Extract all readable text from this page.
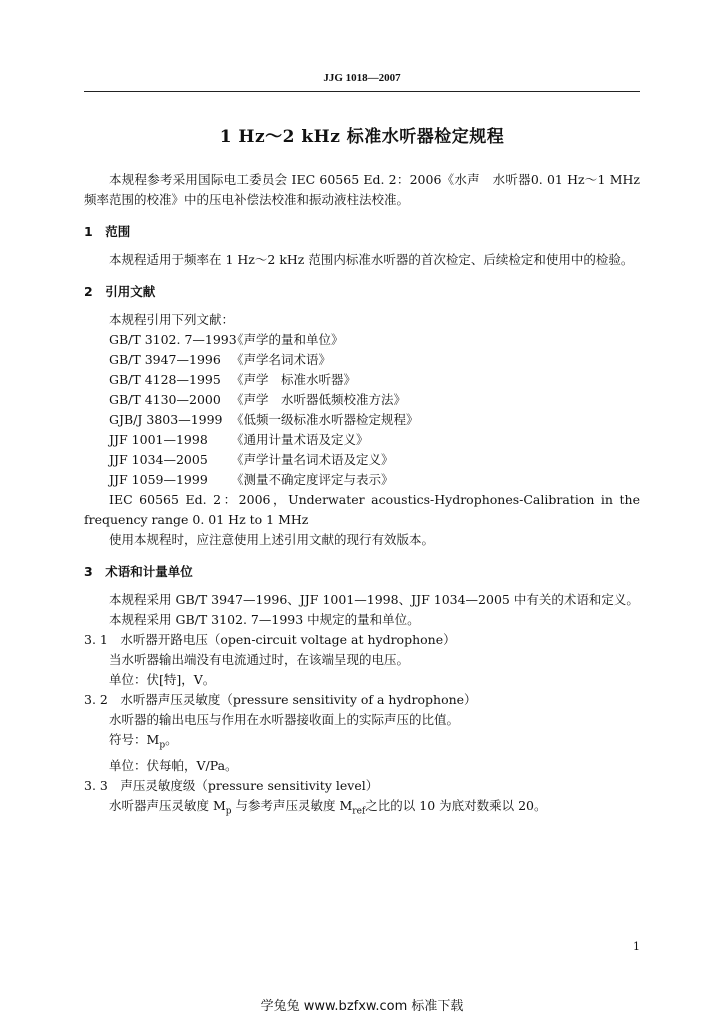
JJG 1018—2007
1 Hz～2 kHz 标准水听器检定规程

本规程参考采用国际电工委员会 IEC 60565 Ed. 2：2006《水声　水听器0. 01 Hz～1 MHz频率范围的校准》中的压电补偿法校准和振动液柱法校准。

1　范围

本规程适用于频率在 1 Hz～2 kHz 范围内标准水听器的首次检定、后续检定和使用中的检验。

2　引用文献

本规程引用下列文献：

GB/T 3102. 7—1993《声学的量和单位》

GB/T 3947—1996 《声学名词术语》

GB/T 4128—1995 《声学　标准水听器》

GB/T 4130—2000 《声学　水听器低频校准方法》

GJB/J 3803—1999 《低频一级标准水听器检定规程》

JJF 1001—1998 《通用计量术语及定义》

JJF 1034—2005 《声学计量名词术语及定义》

JJF 1059—1999 《测量不确定度评定与表示》

IEC 60565 Ed. 2：2006，Underwater acoustics-Hydrophones-Calibration in the frequency range 0. 01 Hz to 1 MHz

使用本规程时，应注意使用上述引用文献的现行有效版本。

3　术语和计量单位

本规程采用 GB/T 3947—1996、JJF 1001—1998、JJF 1034—2005 中有关的术语和定义。

本规程采用 GB/T 3102. 7—1993 中规定的量和单位。

3. 1　水听器开路电压（open-circuit voltage at hydrophone）

当水听器输出端没有电流通过时，在该端呈现的电压。

单位：伏[特]，V。

3. 2　水听器声压灵敏度（pressure sensitivity of a hydrophone）

水听器的输出电压与作用在水听器接收面上的实际声压的比值。

符号：$M_p$。

单位：伏每帕，V/Pa。

3. 3　声压灵敏度级（pressure sensitivity level）

水听器声压灵敏度 $M_p$ 与参考声压灵敏度 $M_{ref}$之比的以 10 为底对数乘以 20。

1
学兔兔 www.bzfxw.com 标准下载
